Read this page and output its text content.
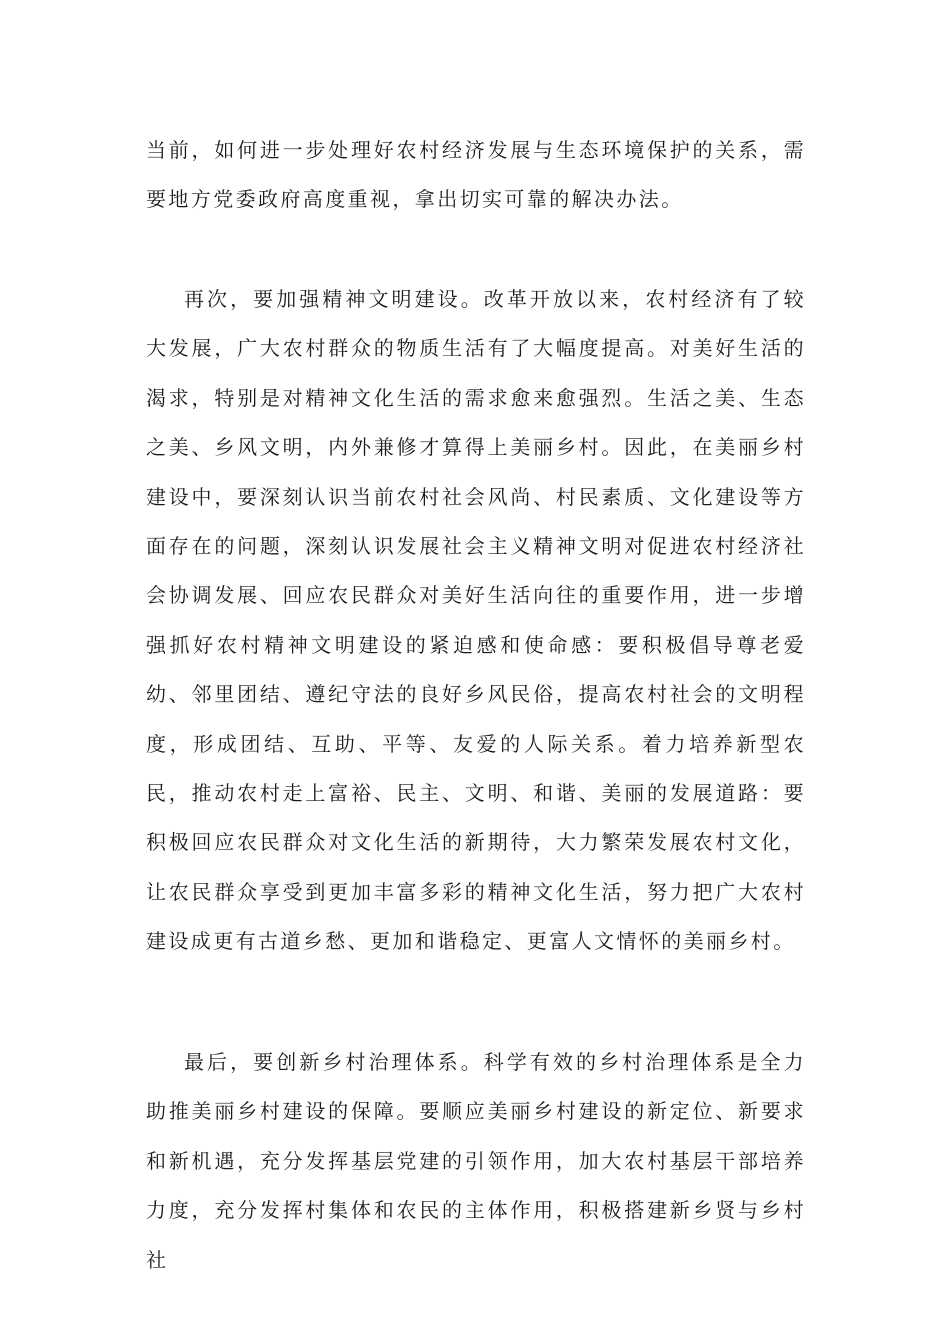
当前，如何进一步处理好农村经济发展与生态环境保护的关系，需要地方党委政府高度重视，拿出切实可靠的解决办法。

再次，要加强精神文明建设。改革开放以来，农村经济有了较大发展，广大农村群众的物质生活有了大幅度提高。对美好生活的渴求，特别是对精神文化生活的需求愈来愈强烈。生活之美、生态之美、乡风文明，内外兼修才算得上美丽乡村。因此，在美丽乡村建设中，要深刻认识当前农村社会风尚、村民素质、文化建设等方面存在的问题，深刻认识发展社会主义精神文明对促进农村经济社会协调发展、回应农民群众对美好生活向往的重要作用，进一步增强抓好农村精神文明建设的紧迫感和使命感：要积极倡导尊老爱幼、邻里团结、遵纪守法的良好乡风民俗，提高农村社会的文明程度，形成团结、互助、平等、友爱的人际关系。着力培养新型农民，推动农村走上富裕、民主、文明、和谐、美丽的发展道路：要积极回应农民群众对文化生活的新期待，大力繁荣发展农村文化，让农民群众享受到更加丰富多彩的精神文化生活，努力把广大农村建设成更有古道乡愁、更加和谐稳定、更富人文情怀的美丽乡村。

最后，要创新乡村治理体系。科学有效的乡村治理体系是全力助推美丽乡村建设的保障。要顺应美丽乡村建设的新定位、新要求和新机遇，充分发挥基层党建的引领作用，加大农村基层干部培养力度，充分发挥村集体和农民的主体作用，积极搭建新乡贤与乡村社
